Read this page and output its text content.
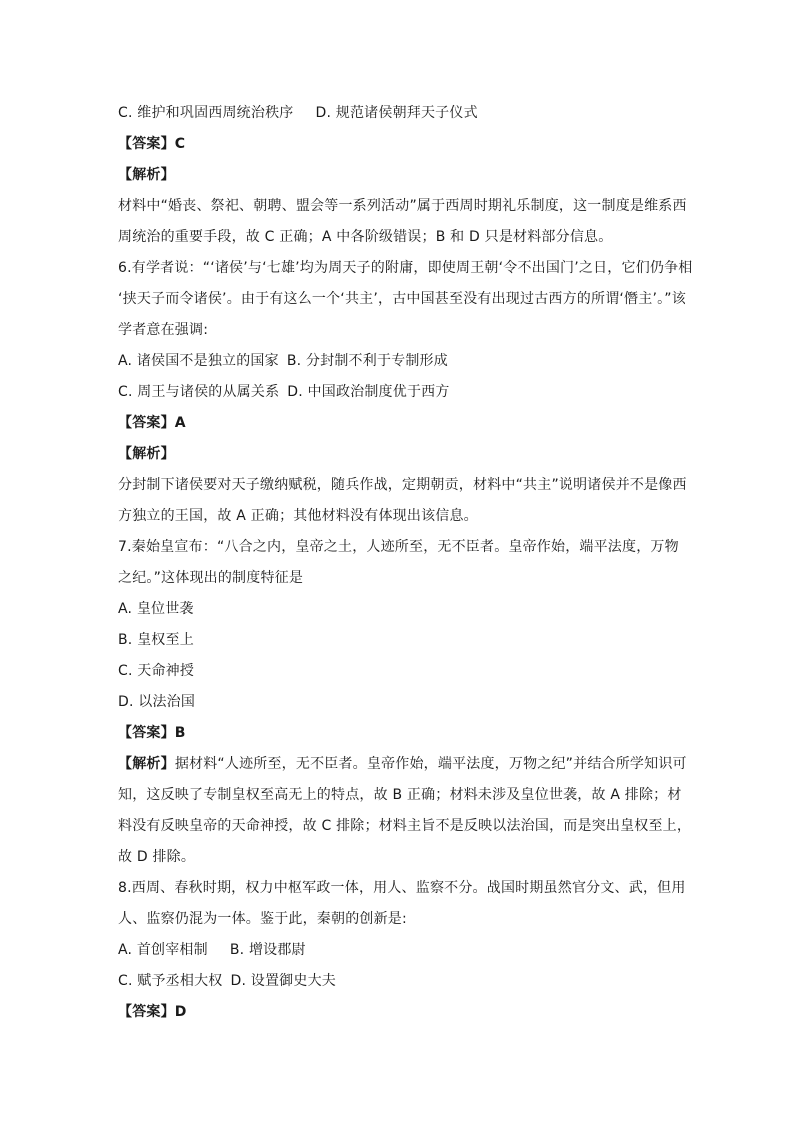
C. 维护和巩固西周统治秩序 D. 规范诸侯朝拜天子仪式
【答案】C
【解析】
材料中“婚丧、祭祀、朝聘、盟会等一系列活动”属于西周时期礼乐制度，这一制度是维系西
周统治的重要手段，故 C 正确；A 中各阶级错误；B 和 D 只是材料部分信息。
6.有学者说：“‘诸侯’与‘七雄’均为周天子的附庸，即使周王朝‘令不出国门’之日，它们仍争相
‘挟天子而令诸侯’。由于有这么一个‘共主’，古中国甚至没有出现过古西方的所谓‘僭主’。”该
学者意在强调:
A. 诸侯国不是独立的国家 B. 分封制不利于专制形成
C. 周王与诸侯的从属关系 D. 中国政治制度优于西方
【答案】A
【解析】
分封制下诸侯要对天子缴纳赋税，随兵作战，定期朝贡，材料中“共主”说明诸侯并不是像西
方独立的王国，故 A 正确；其他材料没有体现出该信息。
7.秦始皇宣布：“八合之内，皇帝之土，人迹所至，无不臣者。皇帝作始，端平法度，万物
之纪。”这体现出的制度特征是
A. 皇位世袭
B. 皇权至上
C. 天命神授
D. 以法治国
【答案】B
【解析】据材料“人迹所至，无不臣者。皇帝作始，端平法度，万物之纪”并结合所学知识可
知，这反映了专制皇权至高无上的特点，故 B 正确；材料未涉及皇位世袭，故 A 排除；材
料没有反映皇帝的天命神授，故 C 排除；材料主旨不是反映以法治国，而是突出皇权至上，
故 D 排除。
8.西周、春秋时期，权力中枢军政一体，用人、监察不分。战国时期虽然官分文、武，但用
人、监察仍混为一体。鉴于此，秦朝的创新是:
A. 首创宰相制 B. 增设郡尉
C. 赋予丞相大权 D. 设置御史大夫
【答案】D
